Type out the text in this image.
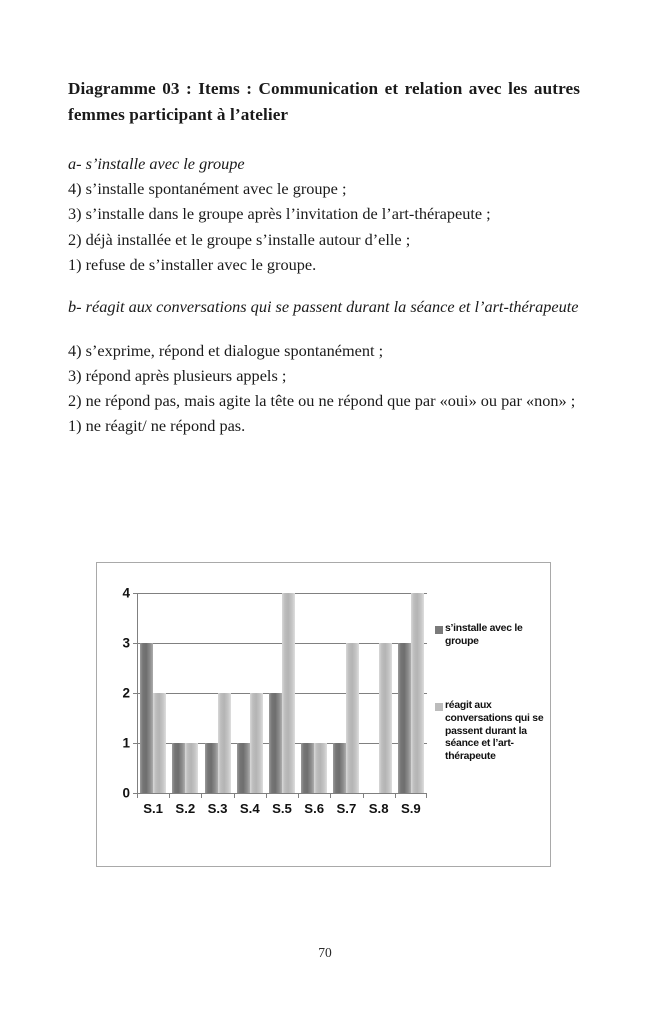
Diagramme 03 : Items : Communication et relation avec les autres femmes participant à l’atelier
a- s’installe avec le groupe
4) s’installe spontanément avec le groupe ;
3) s’installe dans le groupe après l’invitation de l’art-thérapeute ;
2) déjà installée et le groupe s’installe autour d’elle ;
1) refuse de s’installer avec le groupe.
b- réagit aux conversations qui se passent durant la séance et l’art-thérapeute
4) s’exprime, répond et dialogue spontanément ;
3) répond après plusieurs appels ;
2) ne répond pas, mais agite la tête ou ne répond que par «oui» ou par «non» ;
1) ne réagit/ ne répond pas.
0
1
2
3
4
S.1 S.2 S.3 S.4 S.5 S.6 S.7 S.8 S.9
s’installe avec le groupe
réagit aux conversations qui se passent durant la séance et l’art-thérapeute
70
